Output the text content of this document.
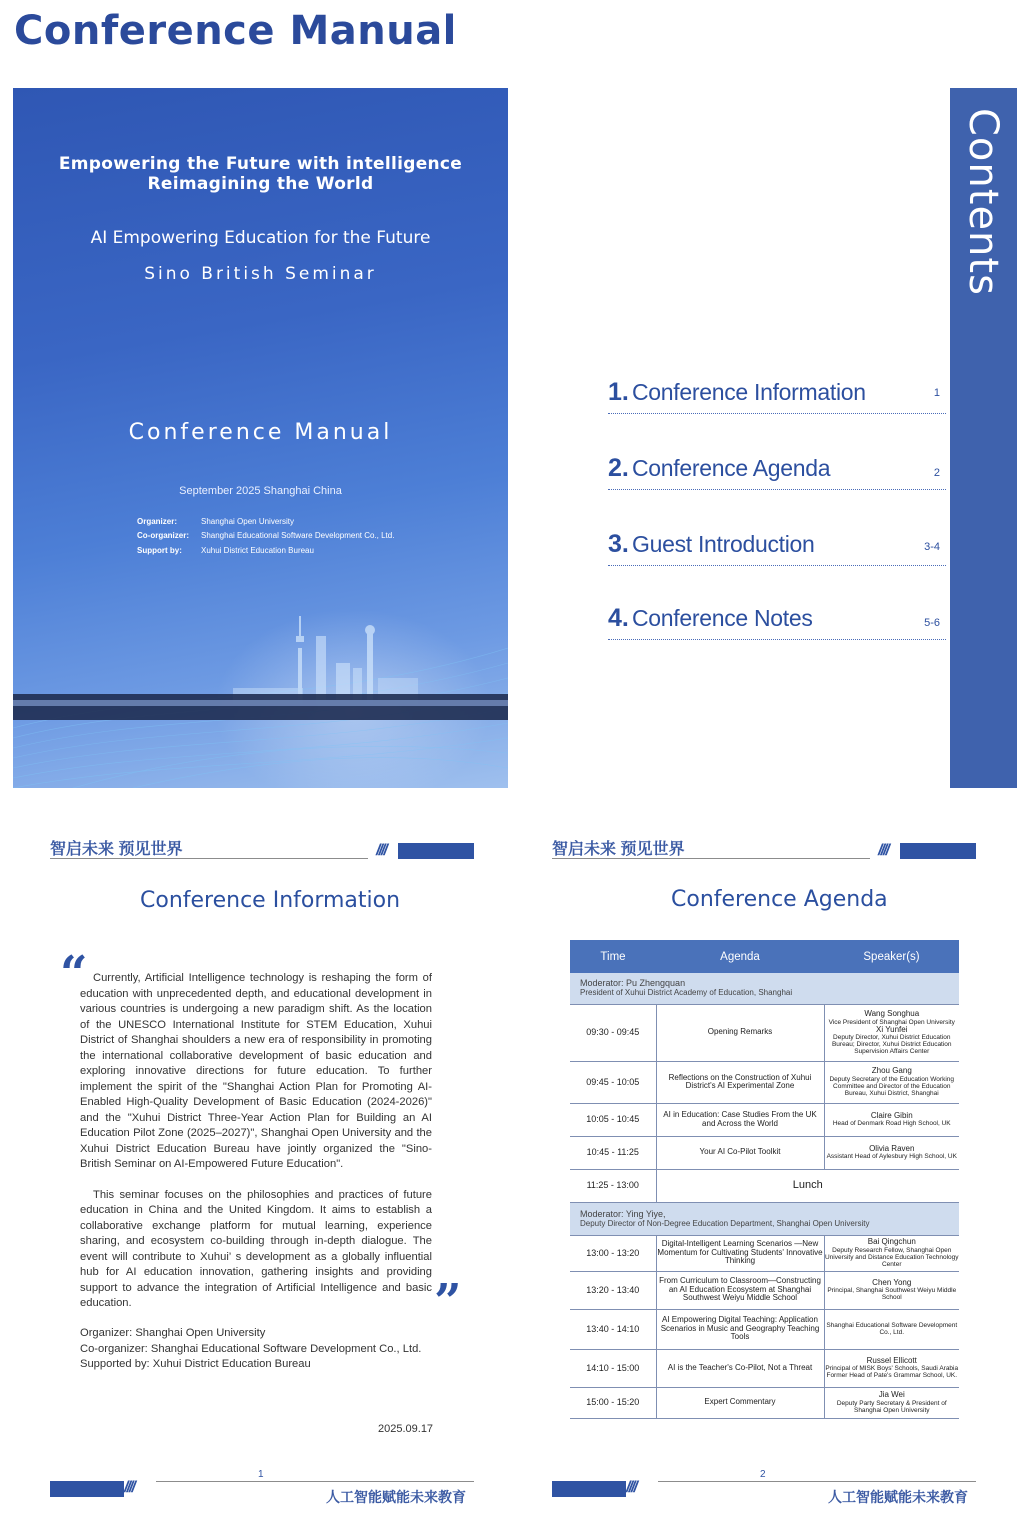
Conference Manual
Empowering the Future with intelligence
Reimagining the World
AI Empowering Education for the Future
Sino British Seminar
Conference Manual
September 2025 Shanghai China
Organizer:	Shanghai Open University
Co-organizer:	Shanghai Educational Software Development Co., Ltd.
Support by:	Xuhui District Education Bureau
Contents
1. Conference Information	1
2. Conference Agenda	2
3. Guest Introduction	3-4
4. Conference Notes	5-6
智启未来 预见世界	////
Conference Information
“ Currently, Artificial Intelligence technology is reshaping the form of education with unprecedented depth, and educational development in various countries is undergoing a new paradigm shift. As the location of the UNESCO International Institute for STEM Education, Xuhui District of Shanghai shoulders a new era of responsibility in promoting the international collaborative development of basic education and exploring innovative directions for future education. To further implement the spirit of the "Shanghai Action Plan for Promoting AI-Enabled High-Quality Development of Basic Education (2024-2026)" and the "Xuhui District Three-Year Action Plan for Building an AI Education Pilot Zone (2025–2027)", Shanghai Open University and the Xuhui District Education Bureau have jointly organized the "Sino-British Seminar on AI-Empowered Future Education".

This seminar focuses on the philosophies and practices of future education in China and the United Kingdom. It aims to establish a collaborative exchange platform for mutual learning, experience sharing, and ecosystem co-building through in-depth dialogue. The event will contribute to Xuhui’ s development as a globally influential hub for AI education innovation, gathering insights and providing support to advance the integration of Artificial Intelligence and basic education.	”
Organizer: Shanghai Open University
Co-organizer: Shanghai Educational Software Development Co., Ltd.
Supported by: Xuhui District Education Bureau
2025.09.17
////
1
人工智能赋能未来教育
智启未来 预见世界	////
Conference Agenda
Time	Agenda	Speaker(s)

Moderator: Pu Zhengquan
President of Xuhui District Academy of Education, Shanghai		

09:30 - 09:45	Opening Remarks	Wang Songhua
Vice President of Shanghai Open University
Xi Yunfei
Deputy Director, Xuhui District Education Bureau; Director, Xuhui District Education Supervision Affairs Center

09:45 - 10:05	Reflections on the Construction of Xuhui District's AI Experimental Zone	Zhou Gang
Deputy Secretary of the Education Working Committee and Director of the Education Bureau, Xuhui District, Shanghai

10:05 - 10:45	AI in Education: Case Studies From the UK and Across the World	Claire Gibin
Head of Denmark Road High School, UK

10:45 - 11:25	Your AI Co-Pilot Toolkit	Olivia Raven
Assistant Head of Aylesbury High School, UK

11:25 - 13:00	Lunch	

Moderator: Ying Yiye,
Deputy Director of Non-Degree Education Department, Shanghai Open University		

13:00 - 13:20	Digital-Intelligent Learning Scenarios —New Momentum for Cultivating Students' Innovative Thinking	Bai Qingchun
Deputy Research Fellow, Shanghai Open University and Distance Education Technology Center

13:20 - 13:40	From Curriculum to Classroom—Constructing an AI Education Ecosystem at Shanghai Southwest Weiyu Middle School	Chen Yong
Principal, Shanghai Southwest Weiyu Middle School

13:40 - 14:10	AI Empowering Digital Teaching: Application Scenarios in Music and Geography Teaching Tools	Shanghai Educational Software Development Co., Ltd.

14:10 - 15:00	AI is the Teacher's Co-Pilot, Not a Threat	Russel Ellicott
Principal of MISK Boys' Schools, Saudi Arabia Former Head of Pate's Grammar School, UK.

15:00 - 15:20	Expert Commentary	Jia Wei
Deputy Party Secretary & President of Shanghai Open University
////
2
人工智能赋能未来教育
